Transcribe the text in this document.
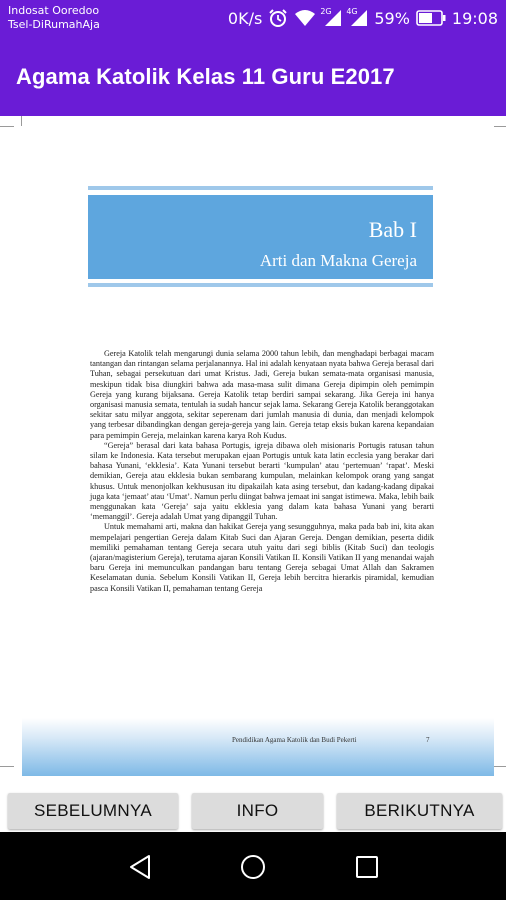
Indosat Ooredoo
Tsel-DiRumahAja	0K/s	2G 4G 59%	19:08
Agama Katolik Kelas 11 Guru E2017
Bab I
Arti dan Makna Gereja

Gereja Katolik telah mengarungi dunia selama 2000 tahun lebih, dan menghadapi berbagai macam tantangan dan rintangan selama perjalanannya. Hal ini adalah kenyataan nyata bahwa Gereja berasal dari Tuhan, sebagai persekutuan dari umat Kristus. Jadi, Gereja bukan semata-mata organisasi manusia, meskipun tidak bisa diungkiri bahwa ada masa-masa sulit dimana Gereja dipimpin oleh pemimpin Gereja yang kurang bijaksana. Gereja Katolik tetap berdiri sampai sekarang. Jika Gereja ini hanya organisasi manusia semata, tentulah ia sudah hancur sejak lama. Sekarang Gereja Katolik beranggotakan sekitar satu milyar anggota, sekitar seperenam dari jumlah manusia di dunia, dan menjadi kelompok yang terbesar dibandingkan dengan gereja-gereja yang lain. Gereja tetap eksis bukan karena kepandaian para pemimpin Gereja, melainkan karena karya Roh Kudus.

“Gereja” berasal dari kata bahasa Portugis, igreja dibawa oleh misionaris Portugis ratusan tahun silam ke Indonesia. Kata tersebut merupakan ejaan Portugis untuk kata latin ecclesia yang berakar dari bahasa Yunani, ‘ekklesia’. Kata Yunani tersebut berarti ‘kumpulan’ atau ‘pertemuan’ ‘rapat’. Meski demikian, Gereja atau ekklesia bukan sembarang kumpulan, melainkan kelompok orang yang sangat khusus. Untuk menonjolkan kekhususan itu dipakailah kata asing tersebut, dan kadang-kadang dipakai juga kata ‘jemaat’ atau ‘Umat’. Namun perlu diingat bahwa jemaat ini sangat istimewa. Maka, lebih baik menggunakan kata ‘Gereja’ saja yaitu ekklesia yang dalam kata bahasa Yunani yang berarti ‘memanggil’. Gereja adalah Umat yang dipanggil Tuhan.

Untuk memahami arti, makna dan hakikat Gereja yang sesungguhnya, maka pada bab ini, kita akan mempelajari pengertian Gereja dalam Kitab Suci dan Ajaran Gereja. Dengan demikian, peserta didik memiliki pemahaman tentang Gereja secara utuh yaitu dari segi biblis (Kitab Suci) dan teologis (ajaran/magisterium Gereja), terutama ajaran Konsili Vatikan II. Konsili Vatikan II yang menandai wajah baru Gereja ini memunculkan pandangan baru tentang Gereja sebagai Umat Allah dan Sakramen Keselamatan dunia. Sebelum Konsili Vatikan II, Gereja lebih bercitra hierarkis piramidal, kemudian pasca Konsili Vatikan II, pemahaman tentang Gereja

Pendidikan Agama Katolik dan Budi Pekerti	7
SEBELUMNYA	INFO	BERIKUTNYA
